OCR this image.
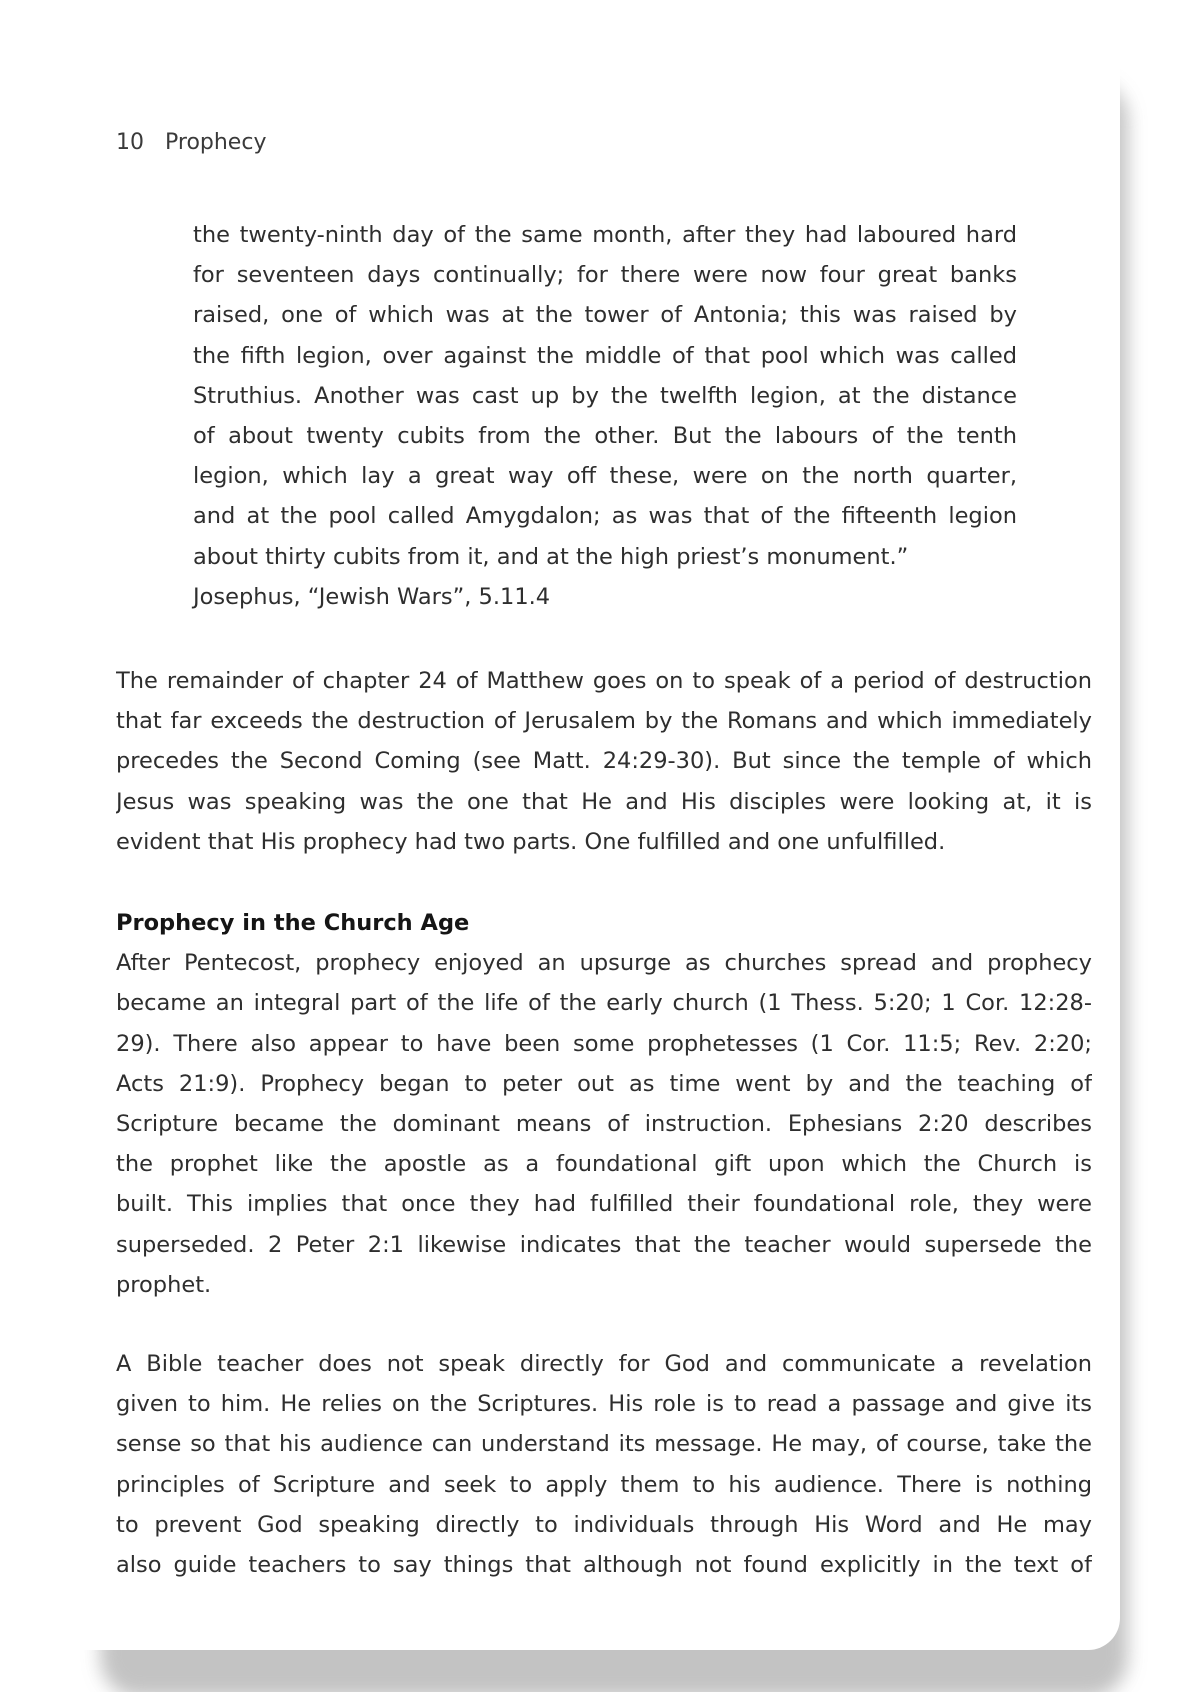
10 Prophecy
the twenty-ninth day of the same month, after they had laboured hard
for seventeen days continually; for there were now four great banks
raised, one of which was at the tower of Antonia; this was raised by
the fifth legion, over against the middle of that pool which was called
Struthius. Another was cast up by the twelfth legion, at the distance
of about twenty cubits from the other. But the labours of the tenth
legion, which lay a great way off these, were on the north quarter,
and at the pool called Amygdalon; as was that of the fifteenth legion
about thirty cubits from it, and at the high priest’s monument.”
Josephus, “Jewish Wars”, 5.11.4
The remainder of chapter 24 of Matthew goes on to speak of a period of destruction
that far exceeds the destruction of Jerusalem by the Romans and which immediately
precedes the Second Coming (see Matt. 24:29-30). But since the temple of which
Jesus was speaking was the one that He and His disciples were looking at, it is
evident that His prophecy had two parts. One fulfilled and one unfulfilled.
Prophecy in the Church Age
After Pentecost, prophecy enjoyed an upsurge as churches spread and prophecy
became an integral part of the life of the early church (1 Thess. 5:20; 1 Cor. 12:28-
29). There also appear to have been some prophetesses (1 Cor. 11:5; Rev. 2:20;
Acts 21:9). Prophecy began to peter out as time went by and the teaching of
Scripture became the dominant means of instruction. Ephesians 2:20 describes
the prophet like the apostle as a foundational gift upon which the Church is
built. This implies that once they had fulfilled their foundational role, they were
superseded. 2 Peter 2:1 likewise indicates that the teacher would supersede the
prophet.
A Bible teacher does not speak directly for God and communicate a revelation
given to him. He relies on the Scriptures. His role is to read a passage and give its
sense so that his audience can understand its message. He may, of course, take the
principles of Scripture and seek to apply them to his audience. There is nothing
to prevent God speaking directly to individuals through His Word and He may
also guide teachers to say things that although not found explicitly in the text of
